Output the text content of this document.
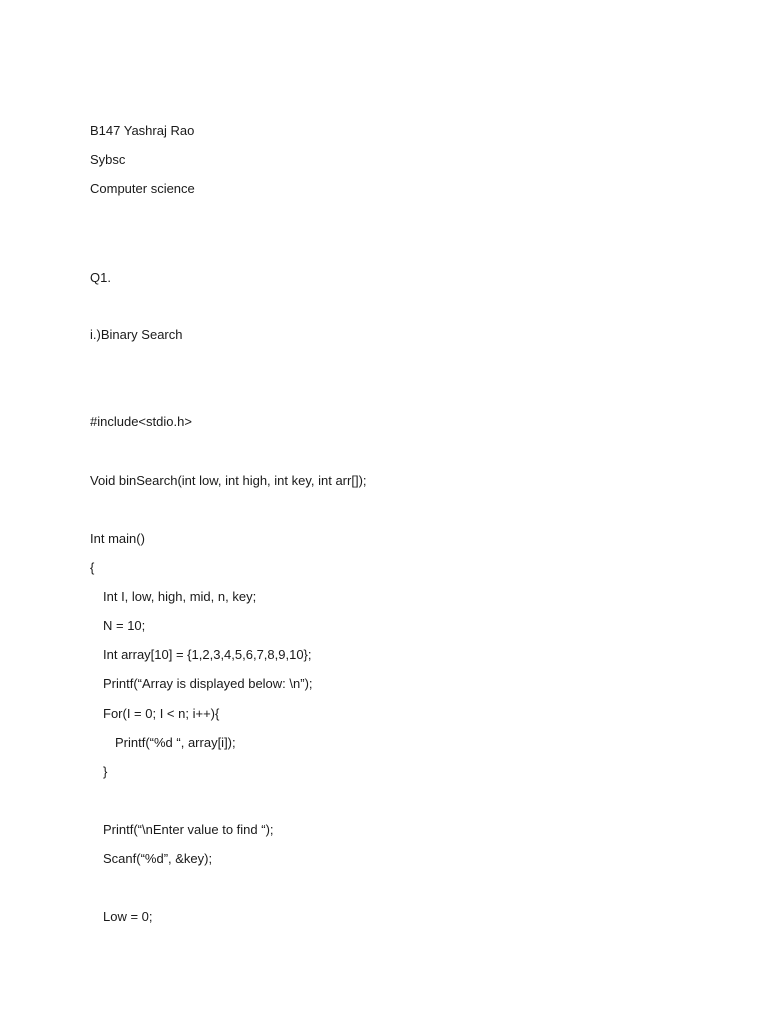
B147 Yashraj Rao
Sybsc
Computer science
Q1.
i.)Binary Search
#include<stdio.h>
Void binSearch(int low, int high, int key, int arr[]);
Int main()
{
Int I, low, high, mid, n, key;
N = 10;
Int array[10] = {1,2,3,4,5,6,7,8,9,10};
Printf(“Array is displayed below: \n”);
For(I = 0; I < n; i++){
Printf(“%d “, array[i]);
}
Printf(“\nEnter value to find “);
Scanf(“%d”, &key);
Low = 0;
